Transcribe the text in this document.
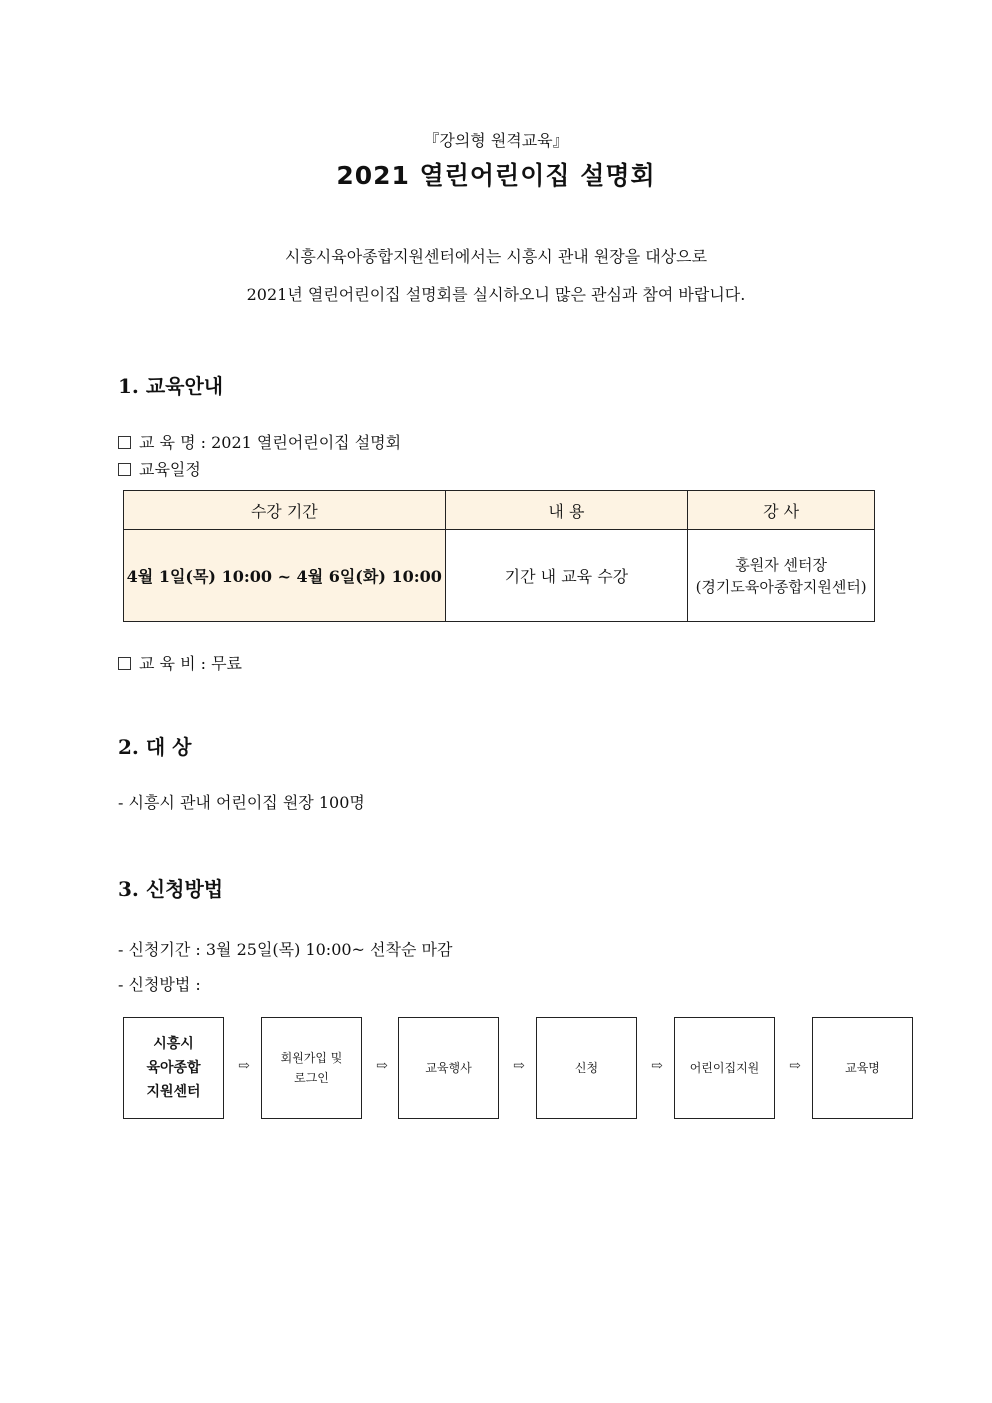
『강의형 원격교육』
2021 열린어린이집 설명회
시흥시육아종합지원센터에서는 시흥시 관내 원장을 대상으로
2021년 열린어린이집 설명회를 실시하오니 많은 관심과 참여 바랍니다.
1. 교육안내
교 육 명 : 2021 열린어린이집 설명회
교육일정
수강 기간	내 용	강 사
4월 1일(목) 10:00 ~ 4월 6일(화) 10:00	기간 내 교육 수강	홍원자 센터장
(경기도육아종합지원센터)
교 육 비 : 무료
2. 대 상
- 시흥시 관내 어린이집 원장 100명
3. 신청방법
- 신청기간 : 3월 25일(목) 10:00~ 선착순 마감
- 신청방법 :
시흥시
육아종합
지원센터
⇨	회원가입 및
로그인
⇨	교육행사	⇨	신청	⇨	어린이집지원 ⇨	교육명
